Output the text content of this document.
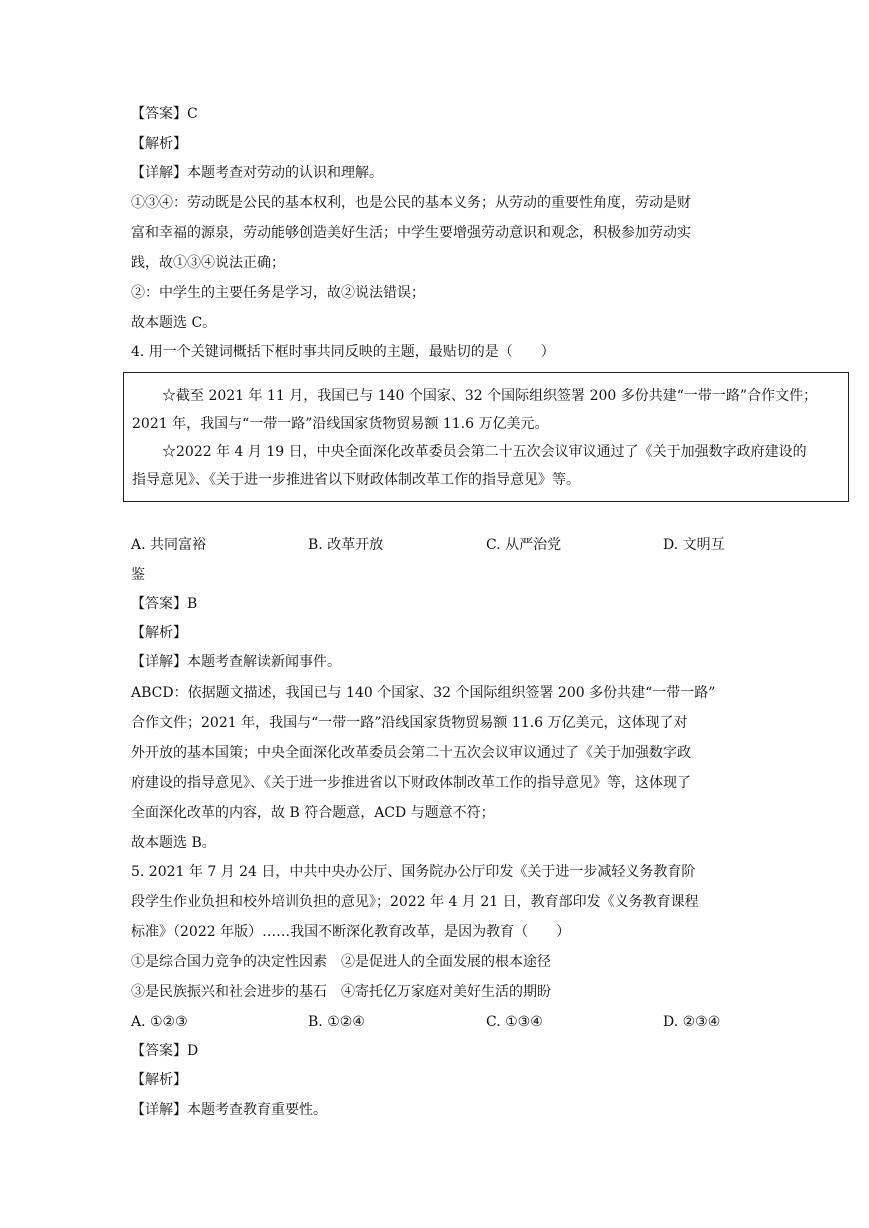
【答案】C
【解析】
【详解】本题考查对劳动的认识和理解。
①③④：劳动既是公民的基本权利，也是公民的基本义务；从劳动的重要性角度，劳动是财
富和幸福的源泉，劳动能够创造美好生活；中学生要增强劳动意识和观念，积极参加劳动实
践，故①③④说法正确；
②：中学生的主要任务是学习，故②说法错误；
故本题选 C。
4. 用一个关键词概括下框时事共同反映的主题，最贴切的是（　　）
☆截至 2021 年 11 月，我国已与 140 个国家、32 个国际组织签署 200 多份共建“一带一路”合作文件；
2021 年，我国与“一带一路”沿线国家货物贸易额 11.6 万亿美元。
☆2022 年 4 月 19 日，中央全面深化改革委员会第二十五次会议审议通过了《关于加强数字政府建设的
指导意见》、《关于进一步推进省以下财政体制改革工作的指导意见》等。
A. 共同富裕	B. 改革开放	C. 从严治党	D. 文明互
鉴
【答案】B
【解析】
【详解】本题考查解读新闻事件。
ABCD：依据题文描述，我国已与 140 个国家、32 个国际组织签署 200 多份共建“一带一路”
合作文件；2021 年，我国与“一带一路”沿线国家货物贸易额 11.6 万亿美元，这体现了对
外开放的基本国策；中央全面深化改革委员会第二十五次会议审议通过了《关于加强数字政
府建设的指导意见》、《关于进一步推进省以下财政体制改革工作的指导意见》等，这体现了
全面深化改革的内容，故 B 符合题意，ACD 与题意不符；
故本题选 B。
5. 2021 年 7 月 24 日，中共中央办公厅、国务院办公厅印发《关于进一步减轻义务教育阶
段学生作业负担和校外培训负担的意见》；2022 年 4 月 21 日，教育部印发《义务教育课程
标准》（2022 年版）……我国不断深化教育改革，是因为教育（　　）
①是综合国力竞争的决定性因素　②是促进人的全面发展的根本途径
③是民族振兴和社会进步的基石　④寄托亿万家庭对美好生活的期盼
A. ①②③	B. ①②④	C. ①③④	D. ②③④
【答案】D
【解析】
【详解】本题考查教育重要性。
